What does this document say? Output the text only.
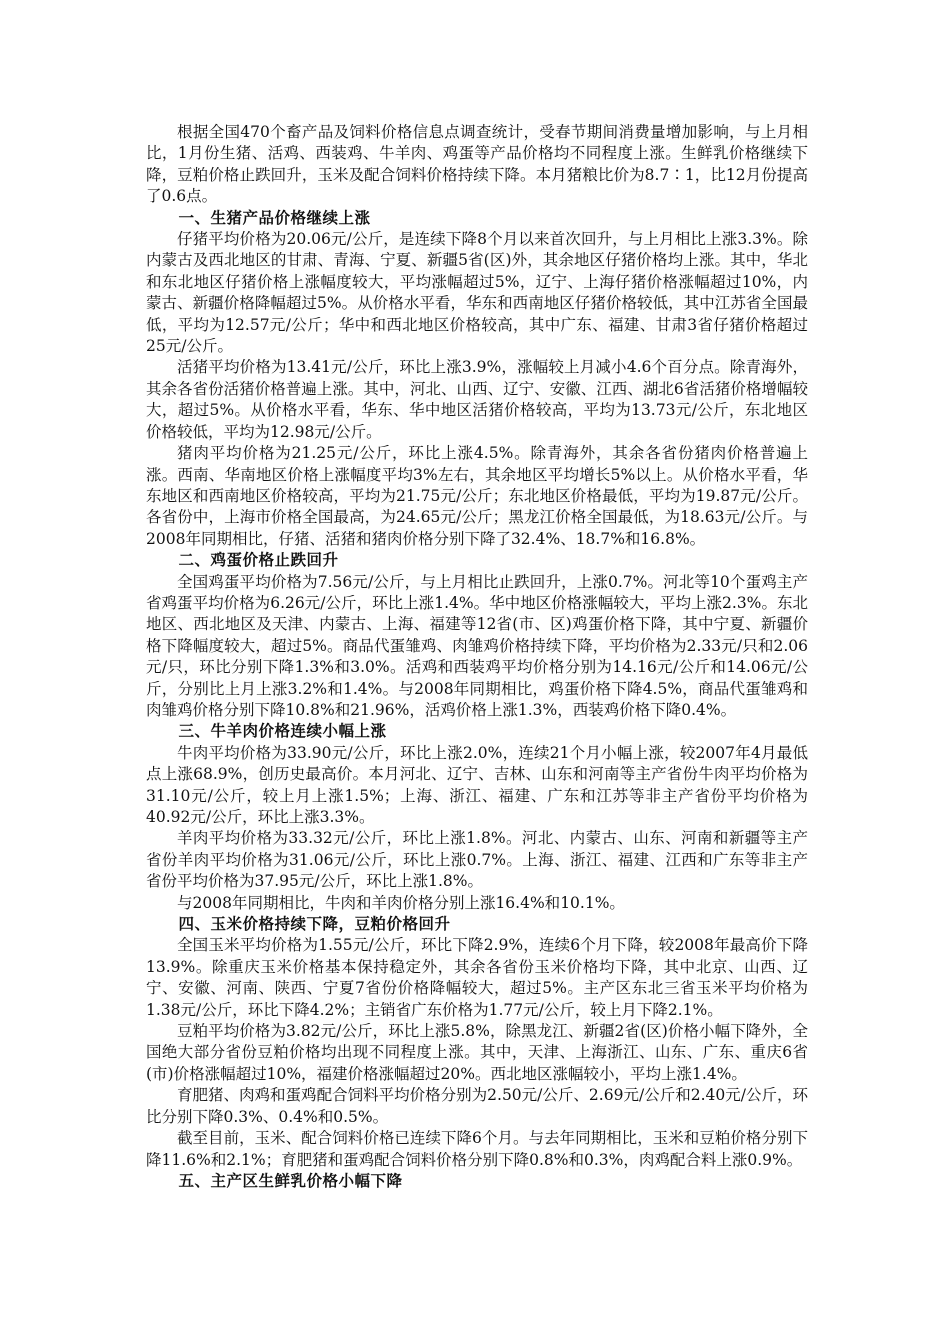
根据全国470个畜产品及饲料价格信息点调查统计，受春节期间消费量增加影响，与上月相比，1月份生猪、活鸡、西装鸡、牛羊肉、鸡蛋等产品价格均不同程度上涨。生鲜乳价格继续下降，豆粕价格止跌回升，玉米及配合饲料价格持续下降。本月猪粮比价为8.7∶1，比12月份提高了0.6点。

一、生猪产品价格继续上涨

仔猪平均价格为20.06元/公斤，是连续下降8个月以来首次回升，与上月相比上涨3.3%。除内蒙古及西北地区的甘肃、青海、宁夏、新疆5省(区)外，其余地区仔猪价格均上涨。其中，华北和东北地区仔猪价格上涨幅度较大，平均涨幅超过5%，辽宁、上海仔猪价格涨幅超过10%，内蒙古、新疆价格降幅超过5%。从价格水平看，华东和西南地区仔猪价格较低，其中江苏省全国最低，平均为12.57元/公斤；华中和西北地区价格较高，其中广东、福建、甘肃3省仔猪价格超过25元/公斤。

活猪平均价格为13.41元/公斤，环比上涨3.9%，涨幅较上月减小4.6个百分点。除青海外，其余各省份活猪价格普遍上涨。其中，河北、山西、辽宁、安徽、江西、湖北6省活猪价格增幅较大，超过5%。从价格水平看，华东、华中地区活猪价格较高，平均为13.73元/公斤，东北地区价格较低，平均为12.98元/公斤。

猪肉平均价格为21.25元/公斤，环比上涨4.5%。除青海外，其余各省份猪肉价格普遍上涨。西南、华南地区价格上涨幅度平均3%左右，其余地区平均增长5%以上。从价格水平看，华东地区和西南地区价格较高，平均为21.75元/公斤；东北地区价格最低，平均为19.87元/公斤。各省份中，上海市价格全国最高，为24.65元/公斤；黑龙江价格全国最低，为18.63元/公斤。与2008年同期相比，仔猪、活猪和猪肉价格分别下降了32.4%、18.7%和16.8%。

二、鸡蛋价格止跌回升

全国鸡蛋平均价格为7.56元/公斤，与上月相比止跌回升，上涨0.7%。河北等10个蛋鸡主产省鸡蛋平均价格为6.26元/公斤，环比上涨1.4%。华中地区价格涨幅较大，平均上涨2.3%。东北地区、西北地区及天津、内蒙古、上海、福建等12省(市、区)鸡蛋价格下降，其中宁夏、新疆价格下降幅度较大，超过5%。商品代蛋雏鸡、肉雏鸡价格持续下降，平均价格为2.33元/只和2.06元/只，环比分别下降1.3%和3.0%。活鸡和西装鸡平均价格分别为14.16元/公斤和14.06元/公斤，分别比上月上涨3.2%和1.4%。与2008年同期相比，鸡蛋价格下降4.5%，商品代蛋雏鸡和肉雏鸡价格分别下降10.8%和21.96%，活鸡价格上涨1.3%，西装鸡价格下降0.4%。

三、牛羊肉价格连续小幅上涨

牛肉平均价格为33.90元/公斤，环比上涨2.0%，连续21个月小幅上涨，较2007年4月最低点上涨68.9%，创历史最高价。本月河北、辽宁、吉林、山东和河南等主产省份牛肉平均价格为31.10元/公斤，较上月上涨1.5%；上海、浙江、福建、广东和江苏等非主产省份平均价格为40.92元/公斤，环比上涨3.3%。

羊肉平均价格为33.32元/公斤，环比上涨1.8%。河北、内蒙古、山东、河南和新疆等主产省份羊肉平均价格为31.06元/公斤，环比上涨0.7%。上海、浙江、福建、江西和广东等非主产省份平均价格为37.95元/公斤，环比上涨1.8%。

与2008年同期相比，牛肉和羊肉价格分别上涨16.4%和10.1%。

四、玉米价格持续下降，豆粕价格回升

全国玉米平均价格为1.55元/公斤，环比下降2.9%，连续6个月下降，较2008年最高价下降13.9%。除重庆玉米价格基本保持稳定外，其余各省份玉米价格均下降，其中北京、山西、辽宁、安徽、河南、陕西、宁夏7省份价格降幅较大，超过5%。主产区东北三省玉米平均价格为1.38元/公斤，环比下降4.2%；主销省广东价格为1.77元/公斤，较上月下降2.1%。

豆粕平均价格为3.82元/公斤，环比上涨5.8%，除黑龙江、新疆2省(区)价格小幅下降外，全国绝大部分省份豆粕价格均出现不同程度上涨。其中，天津、上海浙江、山东、广东、重庆6省(市)价格涨幅超过10%，福建价格涨幅超过20%。西北地区涨幅较小，平均上涨1.4%。

育肥猪、肉鸡和蛋鸡配合饲料平均价格分别为2.50元/公斤、2.69元/公斤和2.40元/公斤，环比分别下降0.3%、0.4%和0.5%。

截至目前，玉米、配合饲料价格已连续下降6个月。与去年同期相比，玉米和豆粕价格分别下降11.6%和2.1%；育肥猪和蛋鸡配合饲料价格分别下降0.8%和0.3%，肉鸡配合料上涨0.9%。

五、主产区生鲜乳价格小幅下降
